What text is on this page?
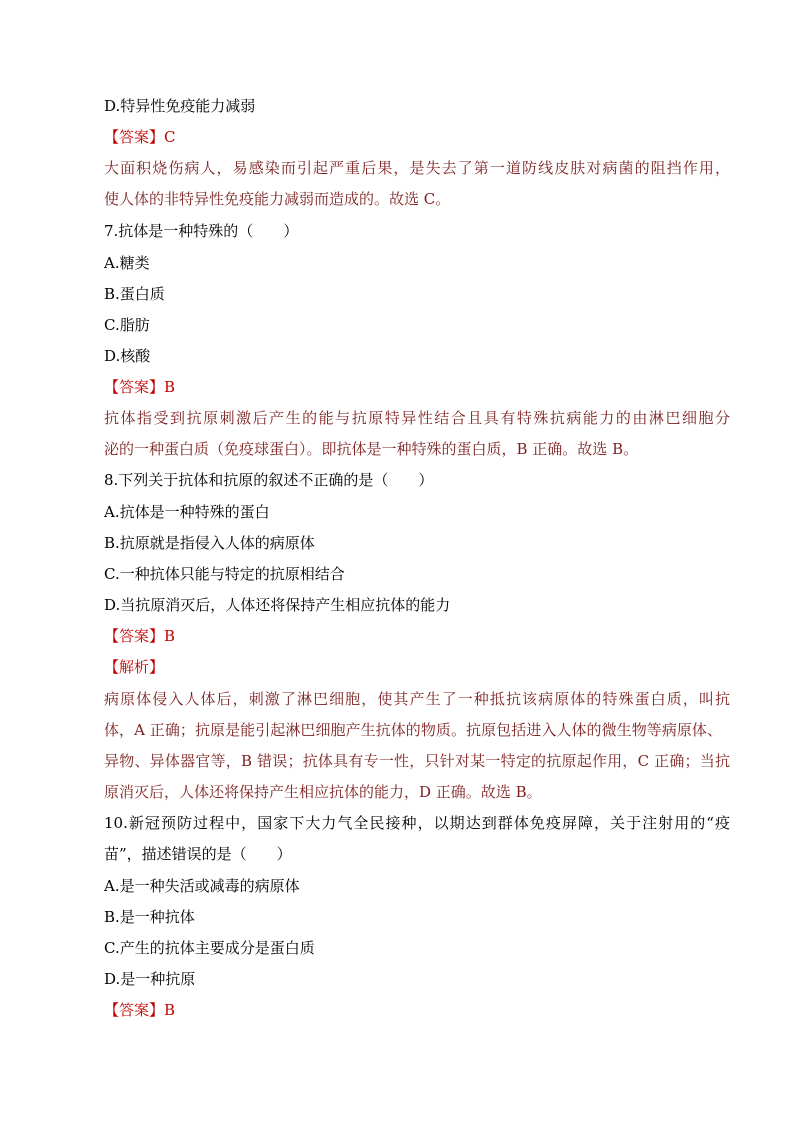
D.特异性免疫能力减弱

【答案】C

大面积烧伤病人，易感染而引起严重后果，是失去了第一道防线皮肤对病菌的阻挡作用，

使人体的非特异性免疫能力减弱而造成的。故选 C。

7.抗体是一种特殊的（　　）

A.糖类

B.蛋白质

C.脂肪

D.核酸

【答案】B

抗体指受到抗原刺激后产生的能与抗原特异性结合且具有特殊抗病能力的由淋巴细胞分

泌的一种蛋白质（免疫球蛋白）。即抗体是一种特殊的蛋白质，B 正确。故选 B。

8.下列关于抗体和抗原的叙述不正确的是（　　）

A.抗体是一种特殊的蛋白

B.抗原就是指侵入人体的病原体

C.一种抗体只能与特定的抗原相结合

D.当抗原消灭后，人体还将保持产生相应抗体的能力

【答案】B

【解析】

病原体侵入人体后，刺激了淋巴细胞，使其产生了一种抵抗该病原体的特殊蛋白质，叫抗

体，A 正确；抗原是能引起淋巴细胞产生抗体的物质。抗原包括进入人体的微生物等病原体、

异物、异体器官等，B 错误；抗体具有专一性，只针对某一特定的抗原起作用，C 正确；当抗

原消灭后，人体还将保持产生相应抗体的能力，D 正确。故选 B。

10.新冠预防过程中，国家下大力气全民接种，以期达到群体免疫屏障，关于注射用的“疫

苗”，描述错误的是（　　）

A.是一种失活或减毒的病原体

B.是一种抗体

C.产生的抗体主要成分是蛋白质

D.是一种抗原

【答案】B
